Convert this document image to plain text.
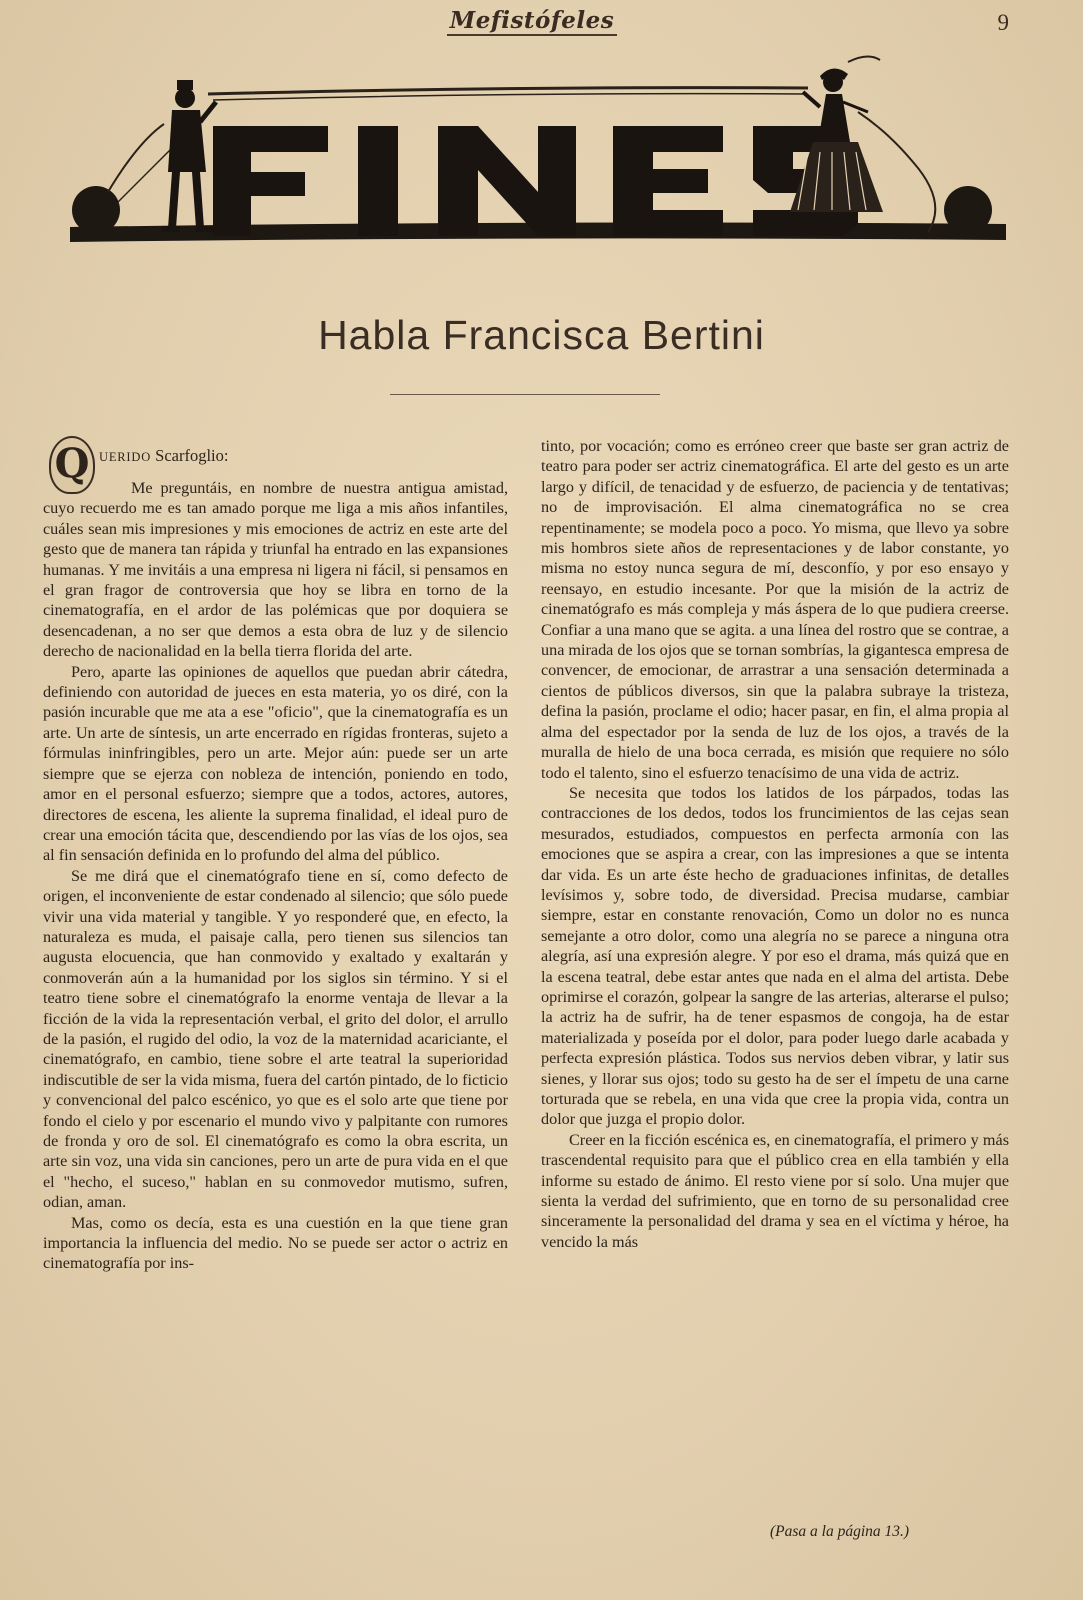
Mefistófeles	9
Habla Francisca Bertini
Q UERIDO Scarfoglio:

Me preguntáis, en nombre de nuestra antigua amistad, cuyo recuerdo me es tan amado porque me liga a mis años infantiles, cuáles sean mis impresiones y mis emociones de actriz en este arte del gesto que de manera tan rápida y triunfal ha entrado en las expansiones humanas. Y me invitáis a una empresa ni ligera ni fácil, si pensamos en el gran fragor de controversia que hoy se libra en torno de la cinematografía, en el ardor de las polémicas que por doquiera se desencadenan, a no ser que demos a esta obra de luz y de silencio derecho de nacionalidad en la bella tierra florida del arte.

Pero, aparte las opiniones de aquellos que puedan abrir cátedra, definiendo con autoridad de jueces en esta materia, yo os diré, con la pasión incurable que me ata a ese "oficio", que la cinematografía es un arte. Un arte de síntesis, un arte encerrado en rígidas fronteras, sujeto a fórmulas ininfringibles, pero un arte. Mejor aún: puede ser un arte siempre que se ejerza con nobleza de intención, poniendo en todo, amor en el personal esfuerzo; siempre que a todos, actores, autores, directores de escena, les aliente la suprema finalidad, el ideal puro de crear una emoción tácita que, descendiendo por las vías de los ojos, sea al fin sensación definida en lo profundo del alma del público.

Se me dirá que el cinematógrafo tiene en sí, como defecto de origen, el inconveniente de estar condenado al silencio; que sólo puede vivir una vida material y tangible. Y yo responderé que, en efecto, la naturaleza es muda, el paisaje calla, pero tienen sus silencios tan augusta elocuencia, que han conmovido y exaltado y exaltarán y conmoverán aún a la humanidad por los siglos sin término. Y si el teatro tiene sobre el cinematógrafo la enorme ventaja de llevar a la ficción de la vida la representación verbal, el grito del dolor, el arrullo de la pasión, el rugido del odio, la voz de la maternidad acariciante, el cinematógrafo, en cambio, tiene sobre el arte teatral la superioridad indiscutible de ser la vida misma, fuera del cartón pintado, de lo ficticio y convencional del palco escénico, yo que es el solo arte que tiene por fondo el cielo y por escenario el mundo vivo y palpitante con rumores de fronda y oro de sol. El cinematógrafo es como la obra escrita, un arte sin voz, una vida sin canciones, pero un arte de pura vida en el que el "hecho, el suceso," hablan en su conmovedor mutismo, sufren, odian, aman.

Mas, como os decía, esta es una cuestión en la que tiene gran importancia la influencia del medio. No se puede ser actor o actriz en cinematografía por ins-

tinto, por vocación; como es erróneo creer que baste ser gran actriz de teatro para poder ser actriz cinematográfica. El arte del gesto es un arte largo y difícil, de tenacidad y de esfuerzo, de paciencia y de tentativas; no de improvisación. El alma cinematográfica no se crea repentinamente; se modela poco a poco. Yo misma, que llevo ya sobre mis hombros siete años de representaciones y de labor constante, yo misma no estoy nunca segura de mí, desconfío, y por eso ensayo y reensayo, en estudio incesante. Por que la misión de la actriz de cinematógrafo es más compleja y más áspera de lo que pudiera creerse. Confiar a una mano que se agita. a una línea del rostro que se contrae, a una mirada de los ojos que se tornan sombrías, la gigantesca empresa de convencer, de emocionar, de arrastrar a una sensación determinada a cientos de públicos diversos, sin que la palabra subraye la tristeza, defina la pasión, proclame el odio; hacer pasar, en fin, el alma propia al alma del espectador por la senda de luz de los ojos, a través de la muralla de hielo de una boca cerrada, es misión que requiere no sólo todo el talento, sino el esfuerzo tenacísimo de una vida de actriz.

Se necesita que todos los latidos de los párpados, todas las contracciones de los dedos, todos los fruncimientos de las cejas sean mesurados, estudiados, compuestos en perfecta armonía con las emociones que se aspira a crear, con las impresiones a que se intenta dar vida. Es un arte éste hecho de graduaciones infinitas, de detalles levísimos y, sobre todo, de diversidad. Precisa mudarse, cambiar siempre, estar en constante renovación, Como un dolor no es nunca semejante a otro dolor, como una alegría no se parece a ninguna otra alegría, así una expresión alegre. Y por eso el drama, más quizá que en la escena teatral, debe estar antes que nada en el alma del artista. Debe oprimirse el corazón, golpear la sangre de las arterias, alterarse el pulso; la actriz ha de sufrir, ha de tener espasmos de congoja, ha de estar materializada y poseída por el dolor, para poder luego darle acabada y perfecta expresión plástica. Todos sus nervios deben vibrar, y latir sus sienes, y llorar sus ojos; todo su gesto ha de ser el ímpetu de una carne torturada que se rebela, en una vida que cree la propia vida, contra un dolor que juzga el propio dolor.

Creer en la ficción escénica es, en cinematografía, el primero y más trascendental requisito para que el público crea en ella también y ella informe su estado de ánimo. El resto viene por sí solo. Una mujer que sienta la verdad del sufrimiento, que en torno de su personalidad cree sinceramente la personalidad del drama y sea en el víctima y héroe, ha vencido la más

(Pasa a la página 13.)
